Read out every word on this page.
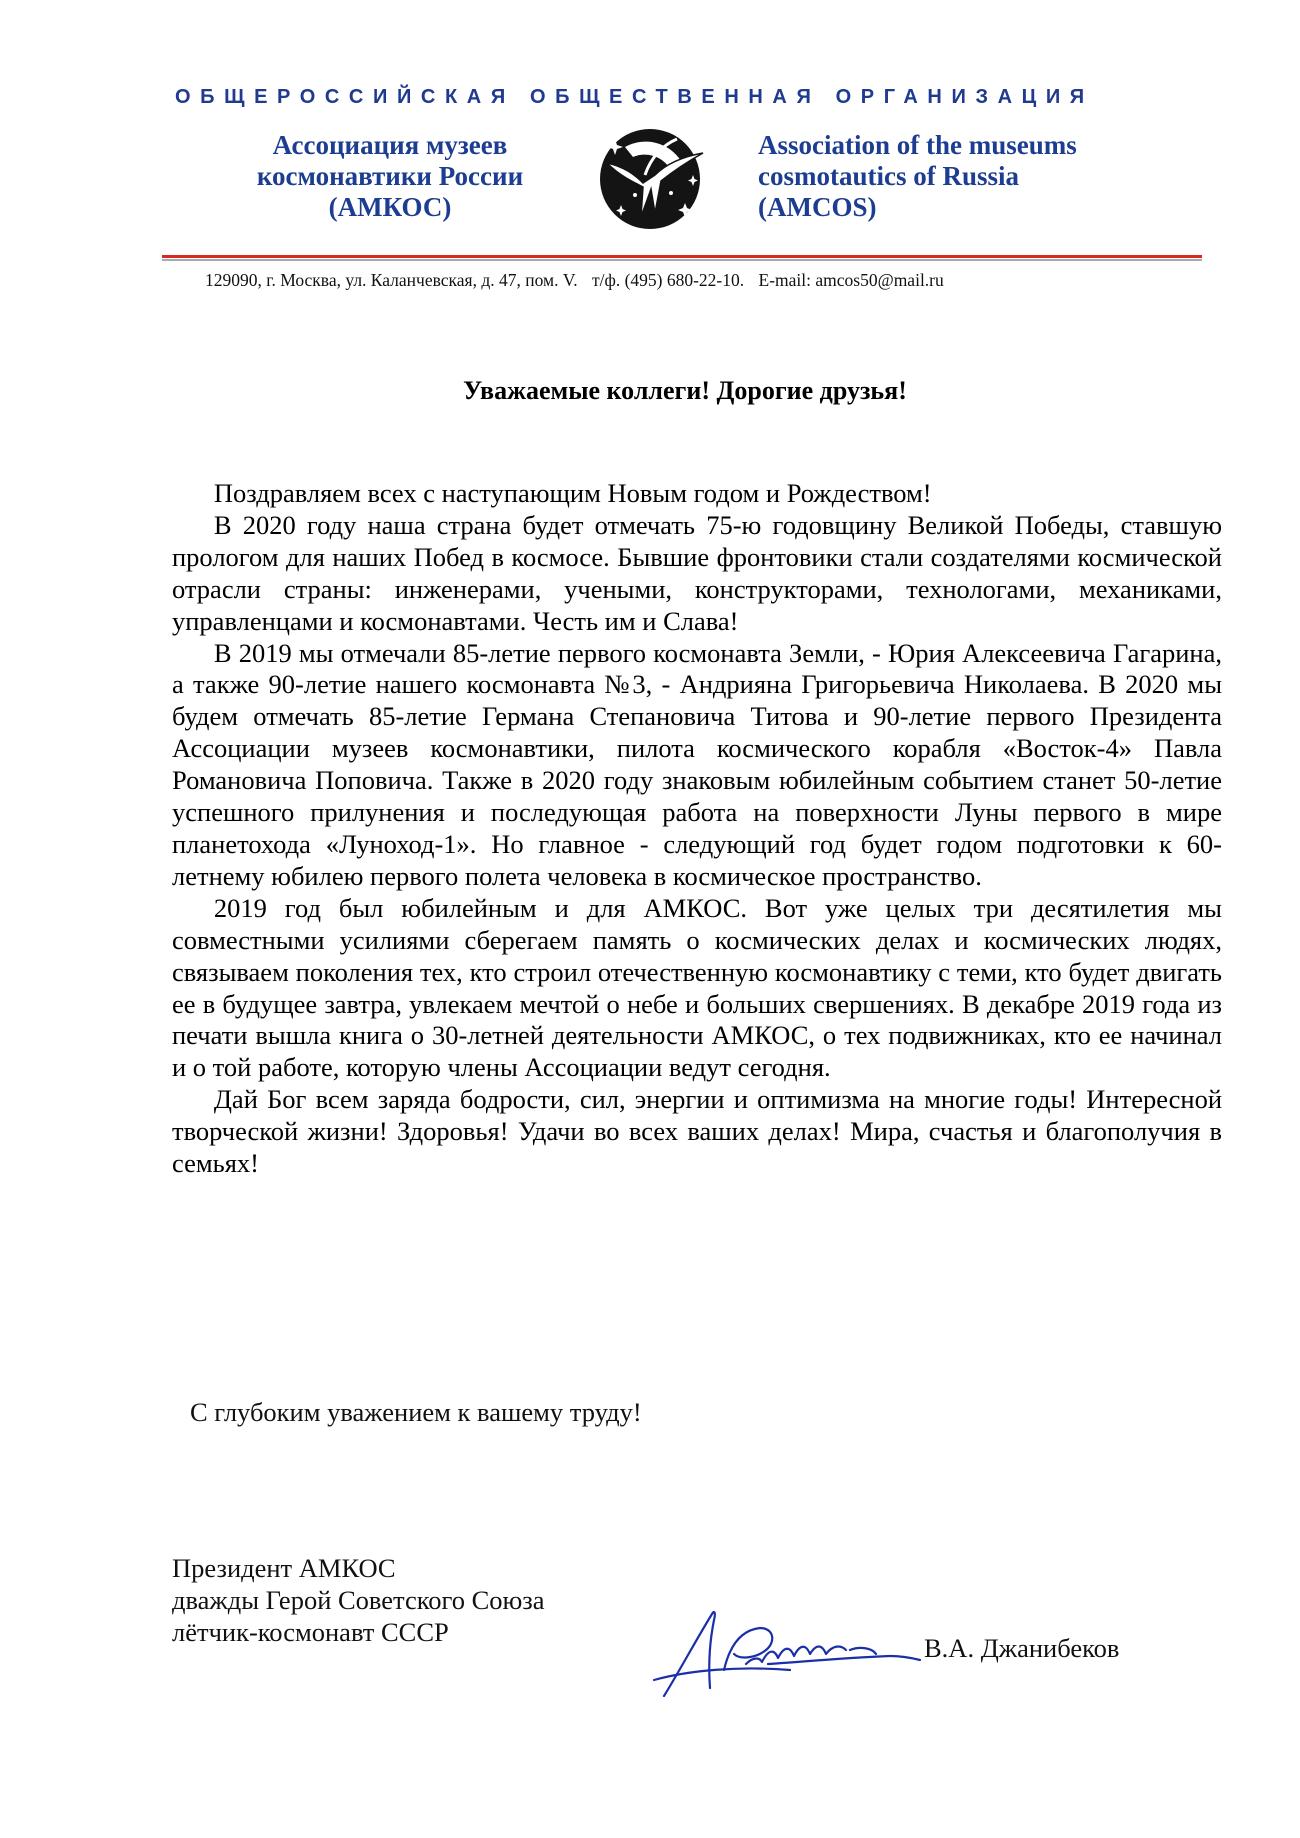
ОБЩЕРОССИЙСКАЯ ОБЩЕСТВЕННАЯ ОРГАНИЗАЦИЯ
Ассоциация музеев
космонавтики России
(АМКОС)
Association of the museums
cosmotautics of Russia
(AMCOS)
129090, г. Москва, ул. Каланчевская, д. 47, пом. V. т/ф. (495) 680-22-10. E-mail: amcos50@mail.ru
Уважаемые коллеги! Дорогие друзья!

Поздравляем всех с наступающим Новым годом и Рождеством!

В 2020 году наша страна будет отмечать 75-ю годовщину Великой Победы, ставшую прологом для наших Побед в космосе. Бывшие фронтовики стали создателями космической отрасли страны: инженерами, учеными, конструкторами, технологами, механиками, управленцами и космонавтами. Честь им и Слава!

В 2019 мы отмечали 85-летие первого космонавта Земли, - Юрия Алексеевича Гагарина, а также 90-летие нашего космонавта №3, - Андрияна Григорьевича Николаева. В 2020 мы будем отмечать 85-летие Германа Степановича Титова и 90-летие первого Президента Ассоциации музеев космонавтики, пилота космического корабля «Восток-4» Павла Романовича Поповича. Также в 2020 году знаковым юбилейным событием станет 50-летие успешного прилунения и последующая работа на поверхности Луны первого в мире планетохода «Луноход-1». Но главное - следующий год будет годом подготовки к 60-летнему юбилею первого полета человека в космическое пространство.

2019 год был юбилейным и для АМКОС. Вот уже целых три десятилетия мы совместными усилиями сберегаем память о космических делах и космических людях, связываем поколения тех, кто строил отечественную космонавтику с теми, кто будет двигать ее в будущее завтра, увлекаем мечтой о небе и больших свершениях. В декабре 2019 года из печати вышла книга о 30-летней деятельности АМКОС, о тех подвижниках, кто ее начинал и о той работе, которую члены Ассоциации ведут сегодня.

Дай Бог всем заряда бодрости, сил, энергии и оптимизма на многие годы! Интересной творческой жизни! Здоровья! Удачи во всех ваших делах! Мира, счастья и благополучия в семьях!

С глубоким уважением к вашему труду!
Президент АМКОС
дважды Герой Советского Союза
лётчик-космонавт СССР
В.А. Джанибеков
